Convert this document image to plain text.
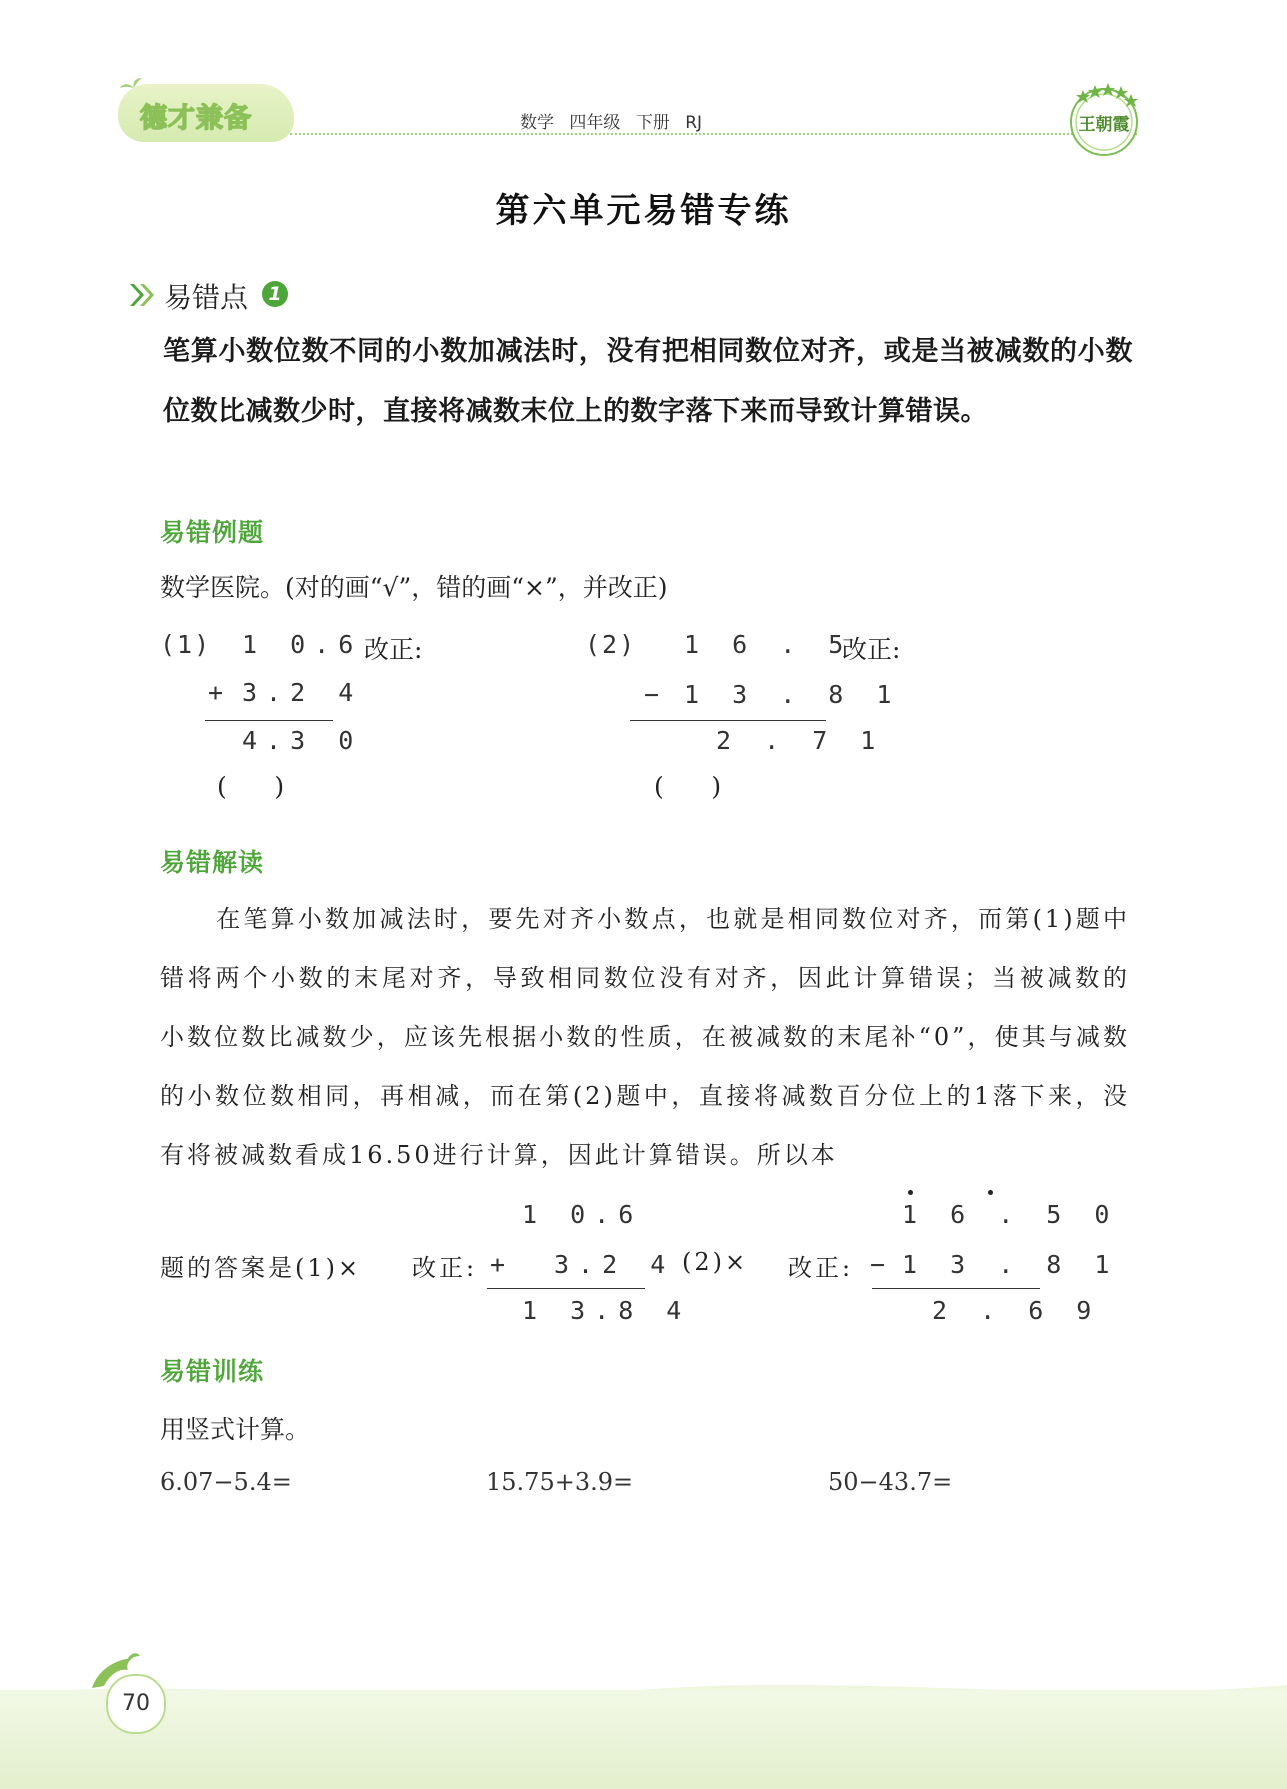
德才兼备	数学 四年级 下册 RJ	王朝霞
第六单元易错专练
易错点	1
笔算小数位数不同的小数加减法时，没有把相同数位对齐，或是当被减数的小数位数比减数少时，直接将减数末位上的数字落下来而导致计算错误。
易错例题
数学医院。(对的画“√”，错的画“×”，并改正)
(1) 1 0.6 改正:
+ 3.2 4
4.3 0
(      )
(2) 1 6 . 5
改正:
− 1 3 . 8 1
2 . 7 1
(      )
易错解读
在笔算小数加减法时，要先对齐小数点，也就是相同数位对齐，而第(1)题中错将两个小数的末尾对齐，导致相同数位没有对齐，因此计算错误；当被减数的小数位数比减数少，应该先根据小数的性质，在被减数的末尾补“0”，使其与减数的小数位数相同，再相减，而在第(2)题中，直接将减数百分位上的1落下来，没有将被减数看成16.50进行计算，因此计算错误。所以本
题的答案是(1)× 改正:
1 0.6
+ 3.2 4
1 3.8 4
(2)× 改正:
1 6 . 5 0
− 1 3 . 8 1
2 . 6 9
易错训练
用竖式计算。
6.07−5.4=	15.75+3.9=	50−43.7=
70
